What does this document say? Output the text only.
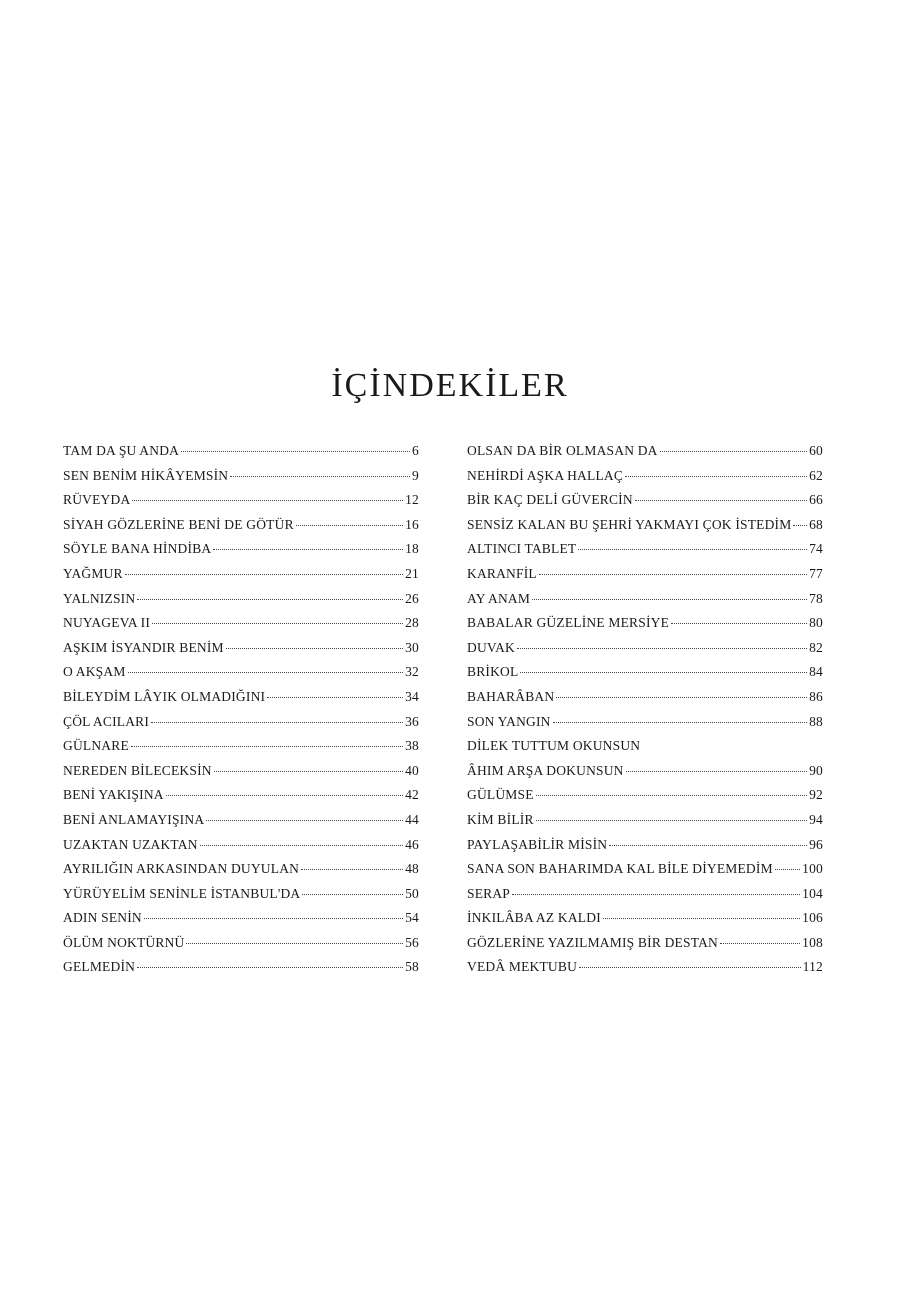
İÇİNDEKİLER
TAM DA ŞU ANDA	6
SEN BENİM HİKÂYEMSİN	9
RÜVEYDA	12
SİYAH GÖZLERİNE BENİ DE GÖTÜR	16
SÖYLE BANA HİNDİBA	18
YAĞMUR	21
YALNIZSIN	26
NUYAGEVA II	28
AŞKIM İSYANDIR BENİM	30
O AKŞAM	32
BİLEYDİM LÂYIK OLMADIĞINI	34
ÇÖL ACILARI	36
GÜLNARE	38
NEREDEN BİLECEKSİN	40
BENİ YAKIŞINA	42
BENİ ANLAMAYIŞINA	44
UZAKTAN UZAKTAN	46
AYRILIĞIN ARKASINDAN DUYULAN	48
YÜRÜYELİM SENİNLE İSTANBUL'DA	50
ADIN SENİN	54
ÖLÜM NOKTÜRNÜ	56
GELMEDİN	58
OLSAN DA BİR OLMASAN DA	60
NEHİRDİ AŞKA HALLAÇ	62
BİR KAÇ DELİ GÜVERCİN	66
SENSİZ KALAN BU ŞEHRİ YAKMAYI ÇOK İSTEDİM 68
ALTINCI TABLET	74
KARANFİL	77
AY ANAM	78
BABALAR GÜZELİNE MERSİYE	80
DUVAK	82
BRİKOL	84
BAHARÂBAN	86
SON YANGIN	88
DİLEK TUTTUM OKUNSUN
ÂHIM ARŞA DOKUNSUN	90
GÜLÜMSE	92
KİM BİLİR	94
PAYLAŞABİLİR MİSİN	96
SANA SON BAHARIMDA KAL BİLE DİYEMEDİM 100
SERAP	104
İNKILÂBA AZ KALDI	106
GÖZLERİNE YAZILMAMIŞ BİR DESTAN	108
VEDÂ MEKTUBU	112
